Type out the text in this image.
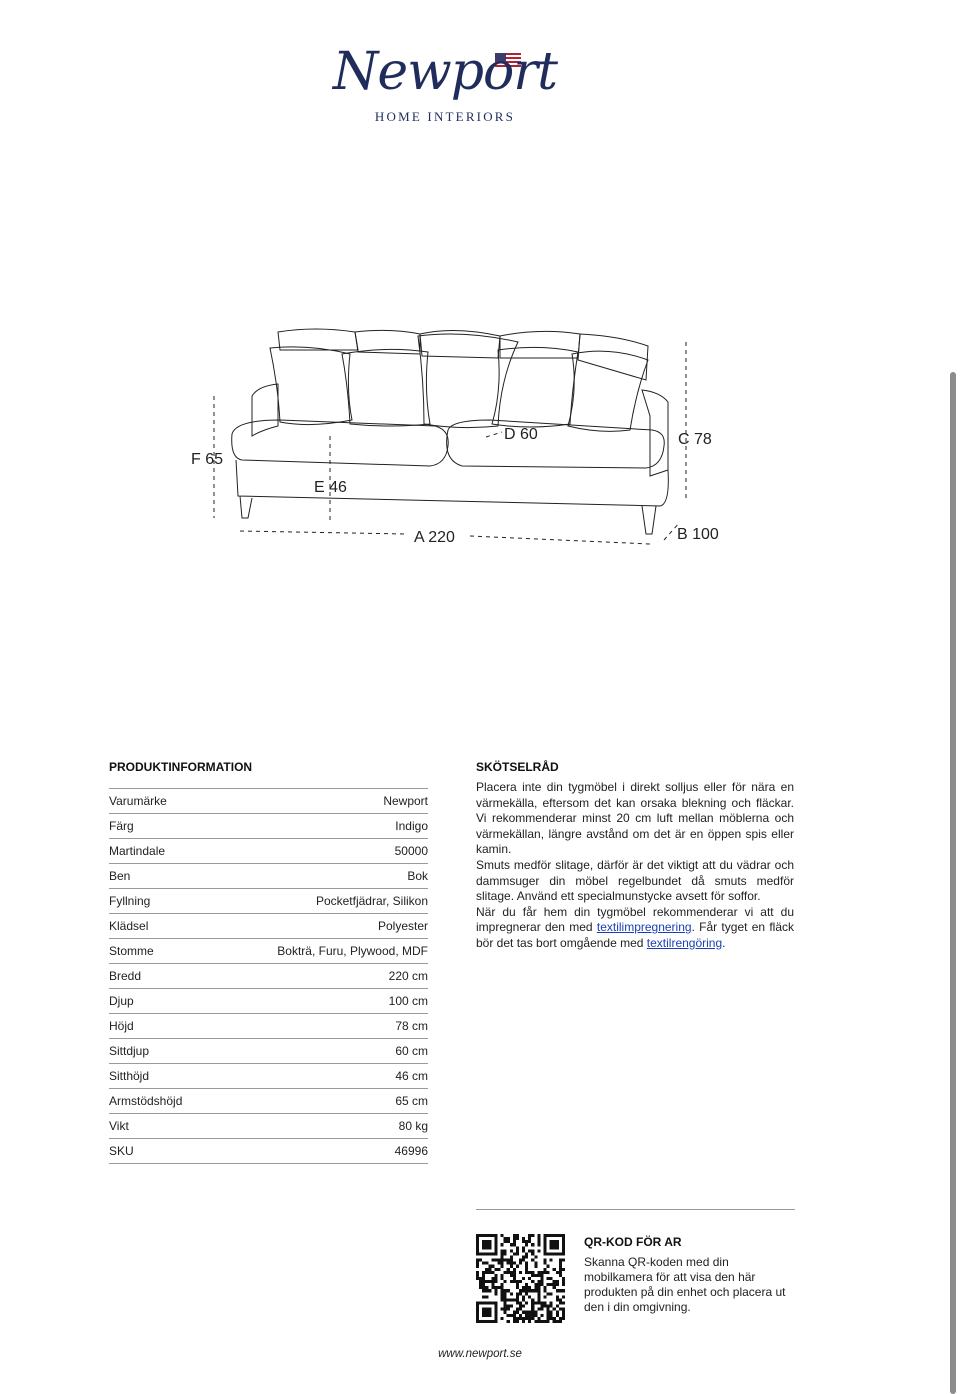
Newport
HOME INTERIORS
F 65
E 46
A 220	B 100
C 78
D 60
PRODUKTINFORMATION
Varumärke	Newport
Färg	Indigo
Martindale	50000
Ben	Bok
Fyllning	Pocketfjädrar, Silikon
Klädsel	Polyester
Stomme	Bokträ, Furu, Plywood, MDF
Bredd	220 cm
Djup	100 cm
Höjd	78 cm
Sittdjup	60 cm
Sitthöjd	46 cm
Armstödshöjd	65 cm
Vikt	80 kg
SKU	46996
SKÖTSELRÅD

Placera inte din tygmöbel i direkt solljus eller för nära en värmekälla, eftersom det kan orsaka blekning och fläckar. Vi rekommenderar minst 20 cm luft mellan möblerna och värmekällan, längre avstånd om det är en öppen spis eller kamin.

Smuts medför slitage, därför är det viktigt att du vädrar och dammsuger din möbel regelbundet då smuts medför slitage. Använd ett specialmunstycke avsett för soffor.

När du får hem din tygmöbel rekommenderar vi att du impregnerar den med textilimpregnering. Får tyget en fläck bör det tas bort omgående med textilrengöring.

QR-KOD FÖR AR
Skanna QR-koden med din mobilkamera för att visa den här produkten på din enhet och placera ut den i din omgivning.
www.newport.se
